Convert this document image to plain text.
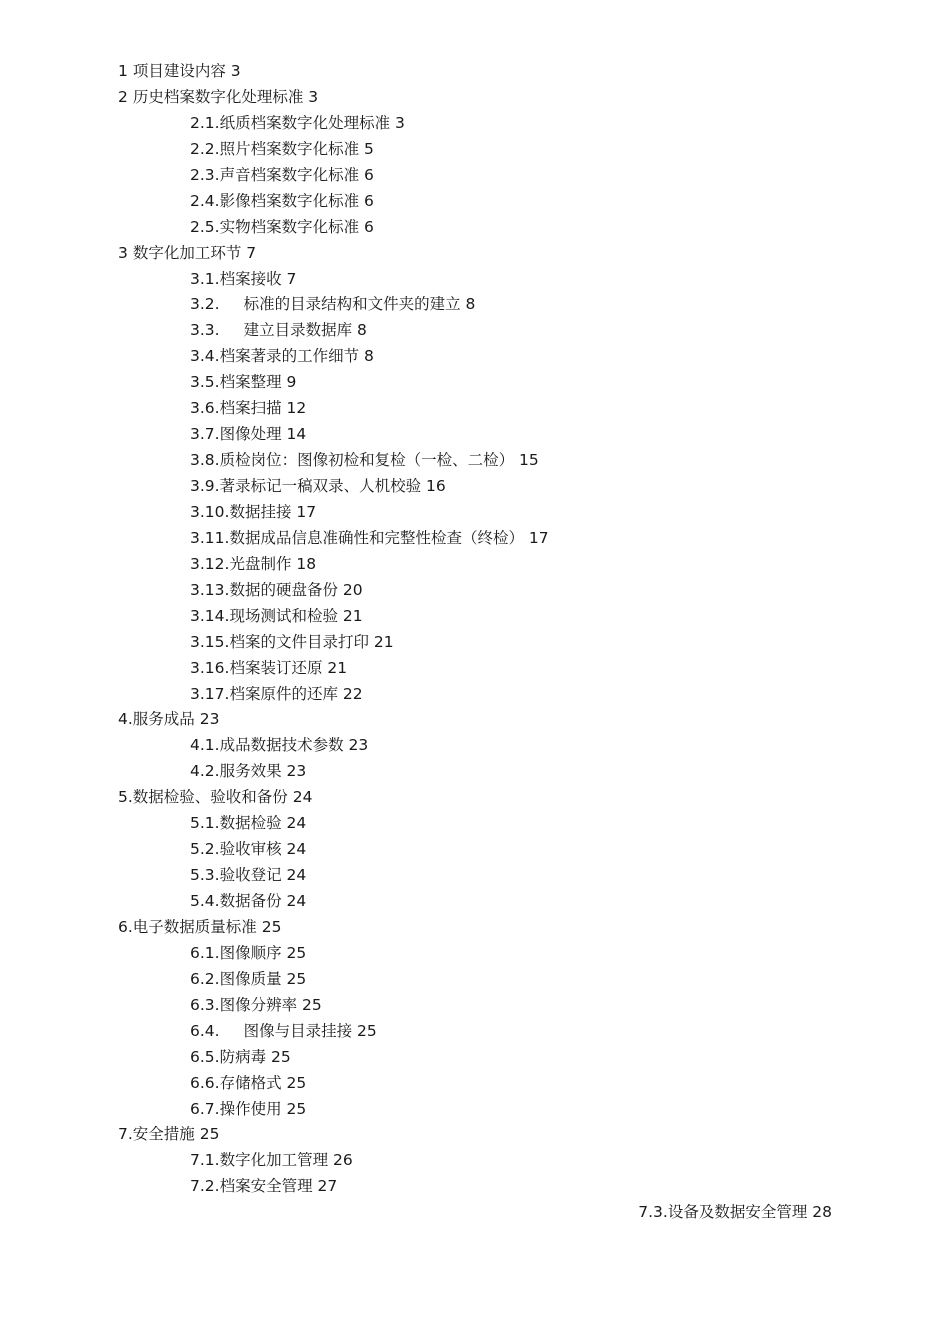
1 项目建设内容 3
2 历史档案数字化处理标准 3
2.1.纸质档案数字化处理标准 3
2.2.照片档案数字化标准 5
2.3.声音档案数字化标准 6
2.4.影像档案数字化标准 6
2.5.实物档案数字化标准 6
3 数字化加工环节 7
3.1.档案接收 7
3.2. 标准的目录结构和文件夹的建立 8
3.3. 建立目录数据库 8
3.4.档案著录的工作细节 8
3.5.档案整理 9
3.6.档案扫描 12
3.7.图像处理 14
3.8.质检岗位：图像初检和复检（一检、二检） 15
3.9.著录标记一稿双录、人机校验 16
3.10.数据挂接 17
3.11.数据成品信息准确性和完整性检查（终检） 17
3.12.光盘制作 18
3.13.数据的硬盘备份 20
3.14.现场测试和检验 21
3.15.档案的文件目录打印 21
3.16.档案装订还原 21
3.17.档案原件的还库 22
4.服务成品 23
4.1.成品数据技术参数 23
4.2.服务效果 23
5.数据检验、验收和备份 24
5.1.数据检验 24
5.2.验收审核 24
5.3.验收登记 24
5.4.数据备份 24
6.电子数据质量标准 25
6.1.图像顺序 25
6.2.图像质量 25
6.3.图像分辨率 25
6.4. 图像与目录挂接 25
6.5.防病毒 25
6.6.存储格式 25
6.7.操作使用 25
7.安全措施 25
7.1.数字化加工管理 26
7.2.档案安全管理 27
7.3.设备及数据安全管理 28
